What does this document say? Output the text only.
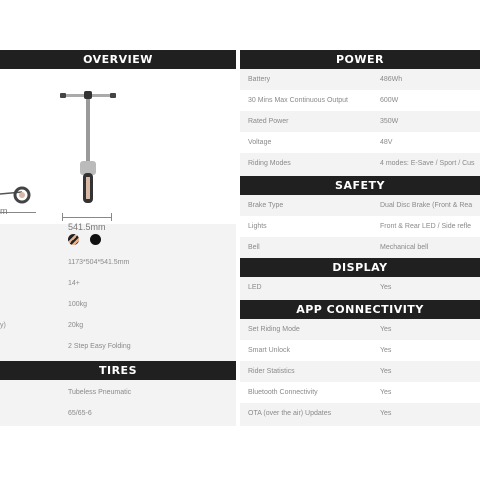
OVERVIEW
m
541.5mm
1173*504*541.5mm
14+
100kg
y)	20kg
2 Step Easy Folding
TIRES
Tubeless Pneumatic
65/65-6
POWER
Battery	486Wh
30 Mins Max Continuous Output	600W
Rated Power	350W
Voltage	48V
Riding Modes	4 modes: E-Save / Sport / Cus
SAFETY
Brake Type	Dual Disc Brake (Front & Rea
Lights	Front & Rear LED / Side refle
Bell	Mechanical bell
DISPLAY
LED	Yes
APP CONNECTIVITY
Set Riding Mode	Yes
Smart Unlock	Yes
Rider Statistics	Yes
Bluetooth Connectivity	Yes
OTA (over the air) Updates	Yes
